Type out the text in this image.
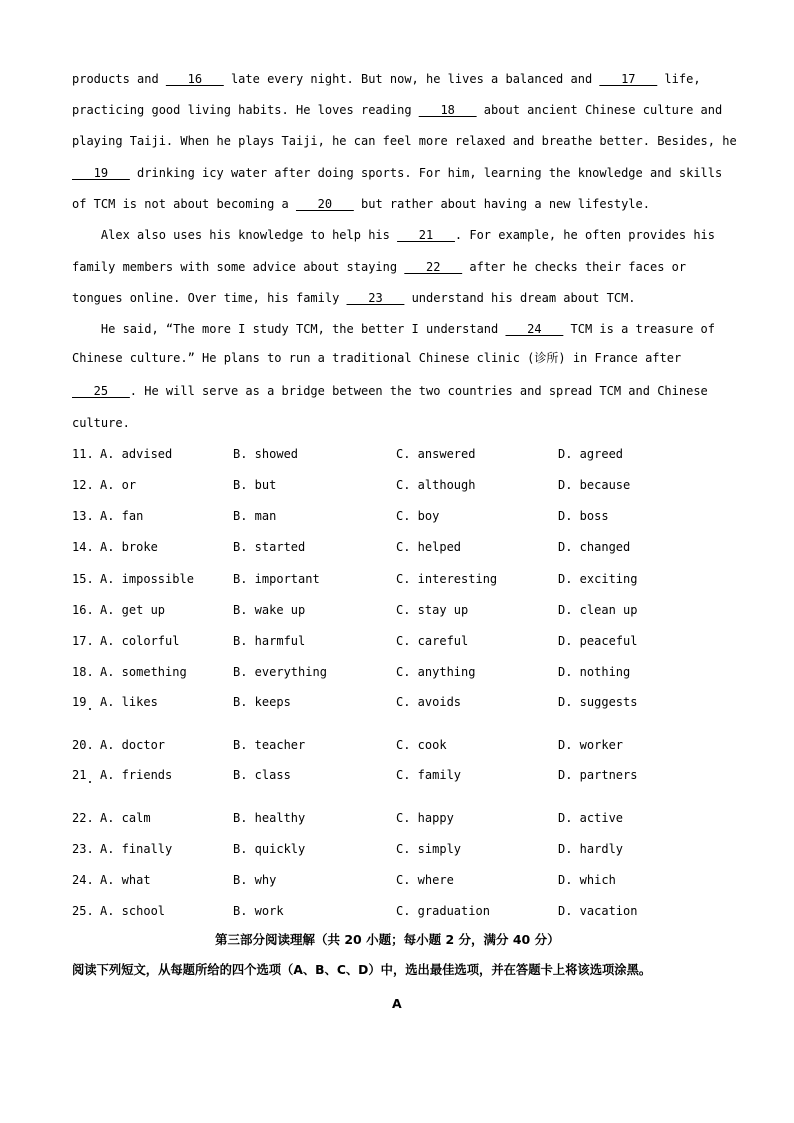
products and ___16___ late every night. But now, he lives a balanced and ___17___ life,
practicing good living habits. He loves reading ___18___ about ancient Chinese culture and
playing Taiji. When he plays Taiji, he can feel more relaxed and breathe better. Besides, he
___19___ drinking icy water after doing sports. For him, learning the knowledge and skills
of TCM is not about becoming a ___20___ but rather about having a new lifestyle.
Alex also uses his knowledge to help his ___21___. For example, he often provides his
family members with some advice about staying ___22___ after he checks their faces or
tongues online. Over time, his family ___23___ understand his dream about TCM.
He said, “The more I study TCM, the better I understand ___24___ TCM is a treasure of
Chinese culture.” He plans to run a traditional Chinese clinic (诊所) in France after
___25___. He will serve as a bridge between the two countries and spread TCM and Chinese
culture.
11. A. advised	B. showed	C. answered	D. agreed
12. A. or	B. but	C. although	D. because
13. A. fan	B. man	C. boy	D. boss
14. A. broke	B. started	C. helped	D. changed
15. A. impossible	B. important	C. interesting	D. exciting
16. A. get up	B. wake up	C. stay up	D. clean up
17. A. colorful	B. harmful	C. careful	D. peaceful
18. A. something	B. everything	C. anything	D. nothing
19 A. likes	B. keeps	C. avoids	D. suggests
20. A. doctor	B. teacher	C. cook	D. worker
21 A. friends	B. class	C. family	D. partners
22. A. calm	B. healthy	C. happy	D. active
23. A. finally	B. quickly	C. simply	D. hardly
24. A. what	B. why	C. where	D. which
25. A. school	B. work	C. graduation	D. vacation
第三部分阅读理解（共 20 小题；每小题 2 分，满分 40 分）
阅读下列短文，从每题所给的四个选项（A、B、C、D）中，选出最佳选项，并在答题卡上将该选项涂黑。
A
